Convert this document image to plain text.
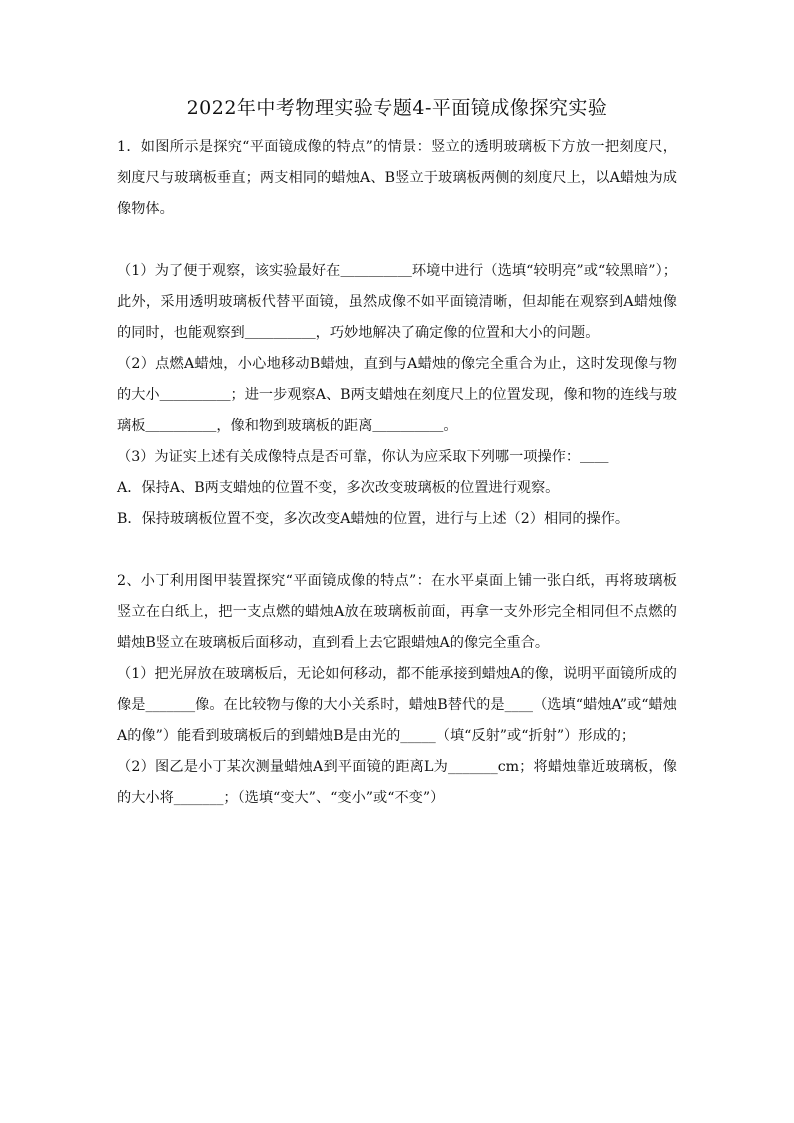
2022年中考物理实验专题4-平面镜成像探究实验

1．如图所示是探究“平面镜成像的特点”的情景：竖立的透明玻璃板下方放一把刻度尺，刻度尺与玻璃板垂直；两支相同的蜡烛A、B竖立于玻璃板两侧的刻度尺上，以A蜡烛为成像物体。

（1）为了便于观察，该实验最好在＿＿＿＿＿环境中进行（选填“较明亮”或“较黑暗”）；此外，采用透明玻璃板代替平面镜，虽然成像不如平面镜清晰，但却能在观察到A蜡烛像的同时，也能观察到＿＿＿＿＿，巧妙地解决了确定像的位置和大小的问题。

（2）点燃A蜡烛，小心地移动B蜡烛，直到与A蜡烛的像完全重合为止，这时发现像与物的大小＿＿＿＿＿；进一步观察A、B两支蜡烛在刻度尺上的位置发现，像和物的连线与玻璃板＿＿＿＿＿，像和物到玻璃板的距离＿＿＿＿＿。

（3）为证实上述有关成像特点是否可靠，你认为应采取下列哪一项操作：＿＿

A．保持A、B两支蜡烛的位置不变，多次改变玻璃板的位置进行观察。

B．保持玻璃板位置不变，多次改变A蜡烛的位置，进行与上述（2）相同的操作。

2、小丁利用图甲装置探究“平面镜成像的特点”：在水平桌面上铺一张白纸，再将玻璃板竖立在白纸上，把一支点燃的蜡烛A放在玻璃板前面，再拿一支外形完全相同但不点燃的蜡烛B竖立在玻璃板后面移动，直到看上去它跟蜡烛A的像完全重合。

（1）把光屏放在玻璃板后，无论如何移动，都不能承接到蜡烛A的像，说明平面镜所成的像是_______像。在比较物与像的大小关系时，蜡烛B替代的是____（选填“蜡烛A”或“蜡烛A的像”）能看到玻璃板后的到蜡烛B是由光的_____（填“反射”或“折射”）形成的；

（2）图乙是小丁某次测量蜡烛A到平面镜的距离L为_______cm；将蜡烛靠近玻璃板，像的大小将_______；（选填“变大”、“变小”或“不变”）
